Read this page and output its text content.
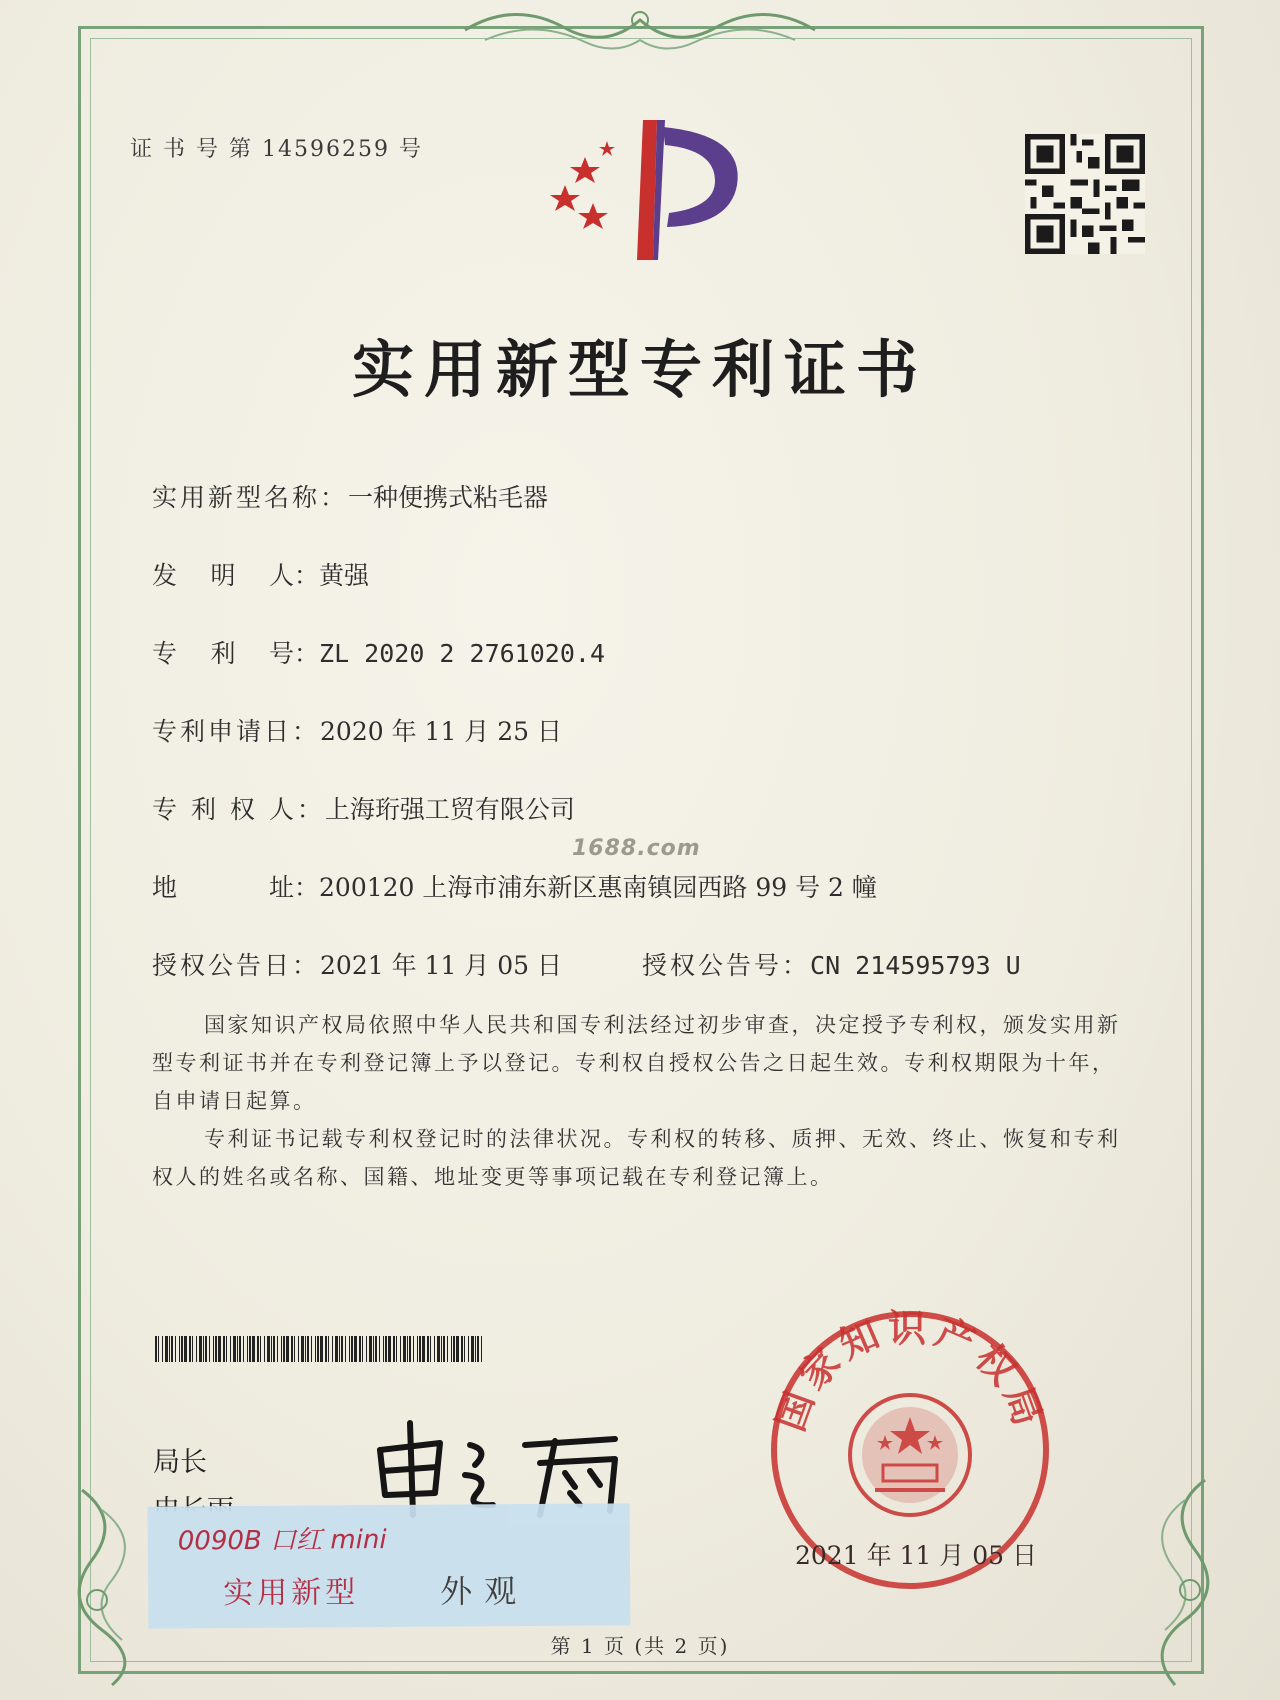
证 书 号 第 14596259 号
实用新型专利证书
实用新型名称：一种便携式粘毛器
发 明 人 ：黄强
专 利 号 ：ZL 2020 2 2761020.4
专利申请日：2020 年 11 月 25 日
专 利 权 人：上海珩强工贸有限公司
1688.com
地	址 ：200120 上海市浦东新区惠南镇园西路 99 号 2 幢
授权公告日：2021 年 11 月 05 日	授权公告号：CN 214595793 U

国家知识产权局依照中华人民共和国专利法经过初步审查，决定授予专利权，颁发实用新型专利证书并在专利登记簿上予以登记。专利权自授权公告之日起生效。专利权期限为十年，自申请日起算。

专利证书记载专利权登记时的法律状况。专利权的转移、质押、无效、终止、恢复和专利权人的姓名或名称、国籍、地址变更等事项记载在专利登记簿上。

局长
国家知识产权局
2021 年 11 月 05 日
0090B 口红 mini
实用新型	外观
第 1 页 (共 2 页)
